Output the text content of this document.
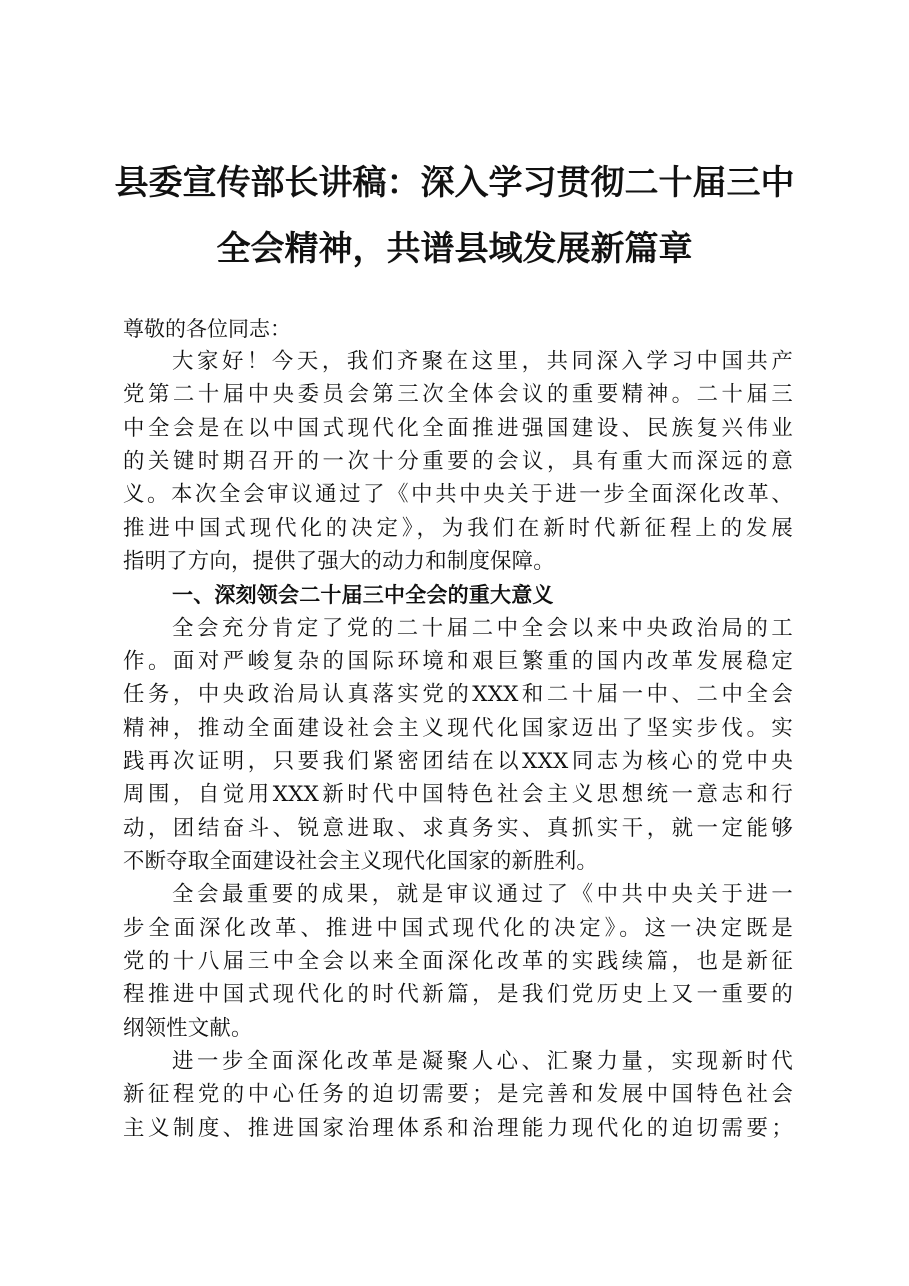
县委宣传部长讲稿：深入学习贯彻二十届三中
全会精神，共谱县域发展新篇章

尊敬的各位同志：

大家好！今天，我们齐聚在这里，共同深入学习中国共产
党第二十届中央委员会第三次全体会议的重要精神。二十届三
中全会是在以中国式现代化全面推进强国建设、民族复兴伟业
的关键时期召开的一次十分重要的会议，具有重大而深远的意
义。本次全会审议通过了《中共中央关于进一步全面深化改革、
推进中国式现代化的决定》，为我们在新时代新征程上的发展
指明了方向，提供了强大的动力和制度保障。
一、深刻领会二十届三中全会的重大意义
全会充分肯定了党的二十届二中全会以来中央政治局的工
作。面对严峻复杂的国际环境和艰巨繁重的国内改革发展稳定
任务，中央政治局认真落实党的XXX和二十届一中、二中全会
精神，推动全面建设社会主义现代化国家迈出了坚实步伐。实
践再次证明，只要我们紧密团结在以XXX同志为核心的党中央
周围，自觉用XXX新时代中国特色社会主义思想统一意志和行
动，团结奋斗、锐意进取、求真务实、真抓实干，就一定能够
不断夺取全面建设社会主义现代化国家的新胜利。
全会最重要的成果，就是审议通过了《中共中央关于进一
步全面深化改革、推进中国式现代化的决定》。这一决定既是
党的十八届三中全会以来全面深化改革的实践续篇，也是新征
程推进中国式现代化的时代新篇，是我们党历史上又一重要的
纲领性文献。
进一步全面深化改革是凝聚人心、汇聚力量，实现新时代
新征程党的中心任务的迫切需要；是完善和发展中国特色社会
主义制度、推进国家治理体系和治理能力现代化的迫切需要；
